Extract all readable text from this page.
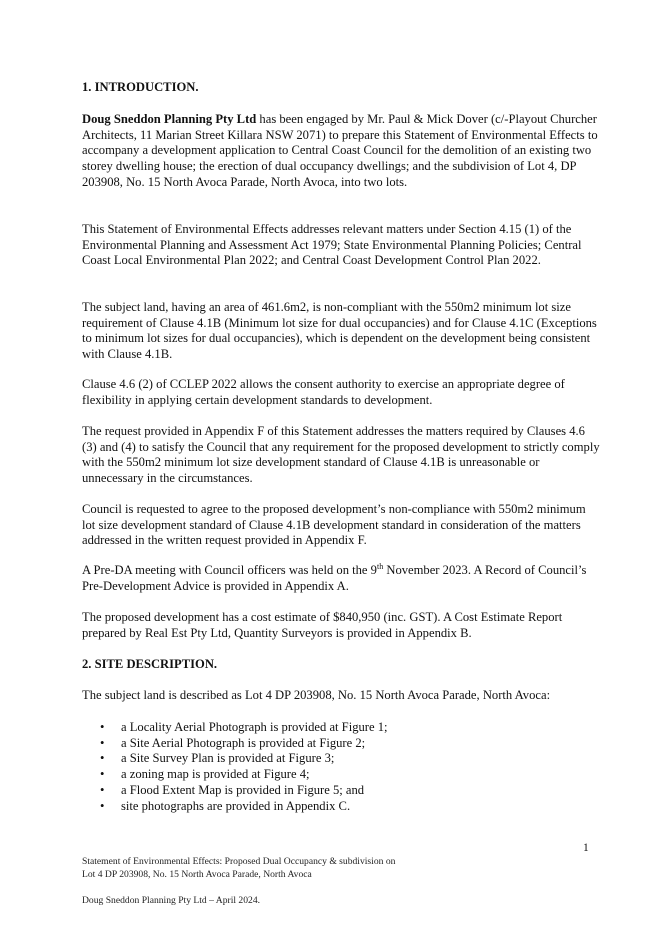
1. INTRODUCTION.

Doug Sneddon Planning Pty Ltd has been engaged by Mr. Paul & Mick Dover (c/-Playout Churcher Architects, 11 Marian Street Killara NSW 2071) to prepare this Statement of Environmental Effects to accompany a development application to Central Coast Council for the demolition of an existing two storey dwelling house; the erection of dual occupancy dwellings; and the subdivision of Lot 4, DP 203908, No. 15 North Avoca Parade, North Avoca, into two lots.

This Statement of Environmental Effects addresses relevant matters under Section 4.15 (1) of the Environmental Planning and Assessment Act 1979; State Environmental Planning Policies; Central Coast Local Environmental Plan 2022; and Central Coast Development Control Plan 2022.

The subject land, having an area of 461.6m2, is non-compliant with the 550m2 minimum lot size requirement of Clause 4.1B (Minimum lot size for dual occupancies) and for Clause 4.1C (Exceptions to minimum lot sizes for dual occupancies), which is dependent on the development being consistent with Clause 4.1B.

Clause 4.6 (2) of CCLEP 2022 allows the consent authority to exercise an appropriate degree of flexibility in applying certain development standards to development.

The request provided in Appendix F of this Statement addresses the matters required by Clauses 4.6 (3) and (4) to satisfy the Council that any requirement for the proposed development to strictly comply with the 550m2 minimum lot size development standard of Clause 4.1B is unreasonable or unnecessary in the circumstances.

Council is requested to agree to the proposed development’s non-compliance with 550m2 minimum lot size development standard of Clause 4.1B development standard in consideration of the matters addressed in the written request provided in Appendix F.

A Pre-DA meeting with Council officers was held on the 9th November 2023. A Record of Council’s Pre-Development Advice is provided in Appendix A.

The proposed development has a cost estimate of $840,950 (inc. GST). A Cost Estimate Report prepared by Real Est Pty Ltd, Quantity Surveyors is provided in Appendix B.

2. SITE DESCRIPTION.

The subject land is described as Lot 4 DP 203908, No. 15 North Avoca Parade, North Avoca:

• a Locality Aerial Photograph is provided at Figure 1;
• a Site Aerial Photograph is provided at Figure 2;
• a Site Survey Plan is provided at Figure 3;
• a zoning map is provided at Figure 4;
• a Flood Extent Map is provided in Figure 5; and
• site photographs are provided in Appendix C.
1
Statement of Environmental Effects: Proposed Dual Occupancy & subdivision on
Lot 4 DP 203908, No. 15 North Avoca Parade, North Avoca
Doug Sneddon Planning Pty Ltd – April 2024.
